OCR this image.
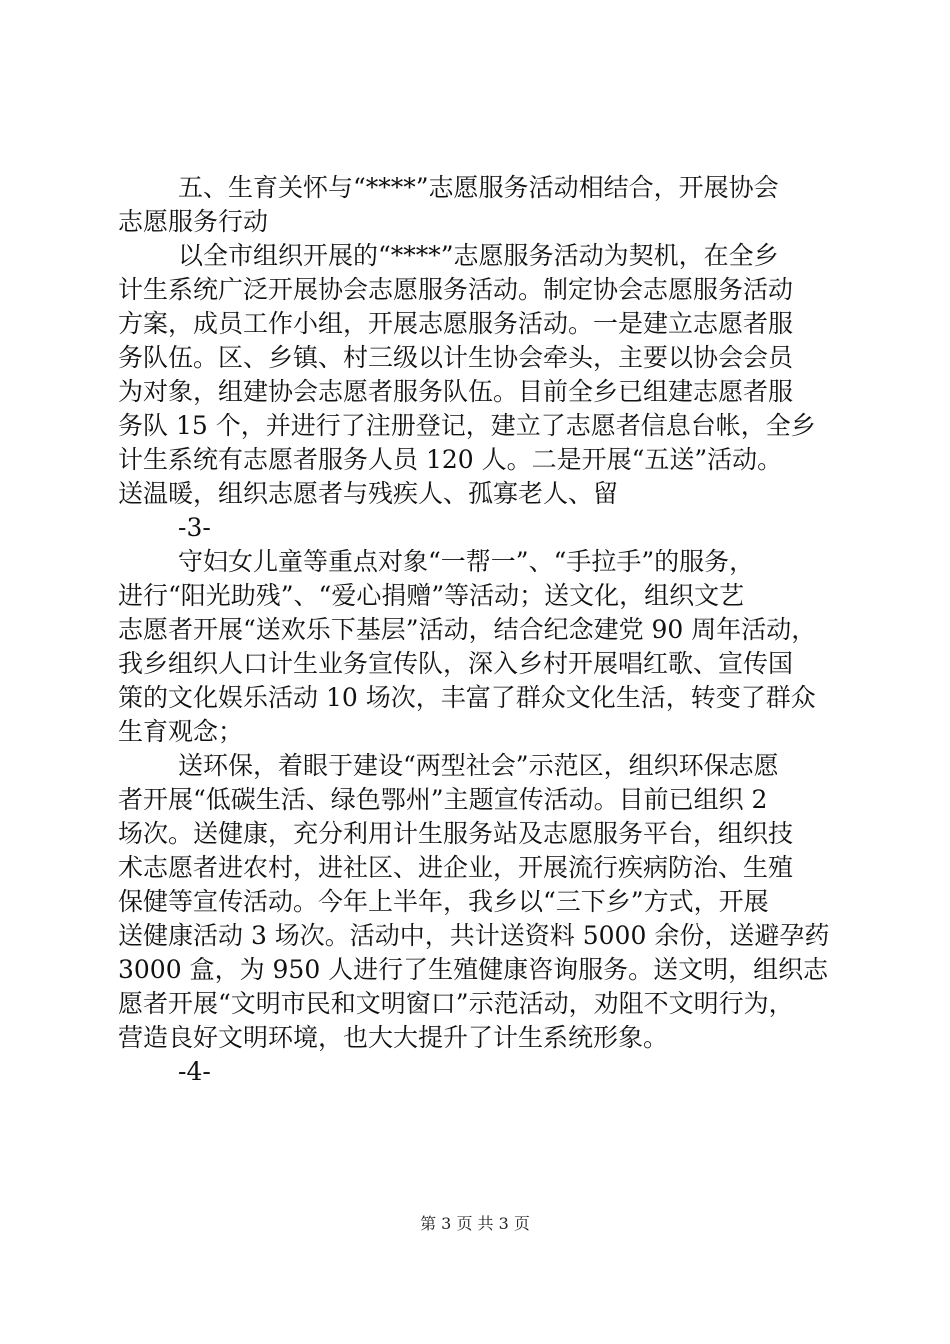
五、生育关怀与“****”志愿服务活动相结合，开展协会
志愿服务行动
以全市组织开展的“****”志愿服务活动为契机，在全乡
计生系统广泛开展协会志愿服务活动。制定协会志愿服务活动
方案，成员工作小组，开展志愿服务活动。一是建立志愿者服
务队伍。区、乡镇、村三级以计生协会牵头，主要以协会会员
为对象，组建协会志愿者服务队伍。目前全乡已组建志愿者服
务队 15 个，并进行了注册登记，建立了志愿者信息台帐，全乡
计生系统有志愿者服务人员 120 人。二是开展“五送”活动。
送温暖，组织志愿者与残疾人、孤寡老人、留
-3-
守妇女儿童等重点对象“一帮一”、“手拉手”的服务，
进行“阳光助残”、“爱心捐赠”等活动；送文化，组织文艺
志愿者开展“送欢乐下基层”活动，结合纪念建党 90 周年活动，
我乡组织人口计生业务宣传队，深入乡村开展唱红歌、宣传国
策的文化娱乐活动 10 场次，丰富了群众文化生活，转变了群众
生育观念；
送环保，着眼于建设“两型社会”示范区，组织环保志愿
者开展“低碳生活、绿色鄂州”主题宣传活动。目前已组织 2
场次。送健康，充分利用计生服务站及志愿服务平台，组织技
术志愿者进农村，进社区、进企业，开展流行疾病防治、生殖
保健等宣传活动。今年上半年，我乡以“三下乡”方式，开展
送健康活动 3 场次。活动中，共计送资料 5000 余份，送避孕药
3000 盒，为 950 人进行了生殖健康咨询服务。送文明，组织志
愿者开展“文明市民和文明窗口”示范活动，劝阻不文明行为，
营造良好文明环境，也大大提升了计生系统形象。
-4-
第 3 页 共 3 页
